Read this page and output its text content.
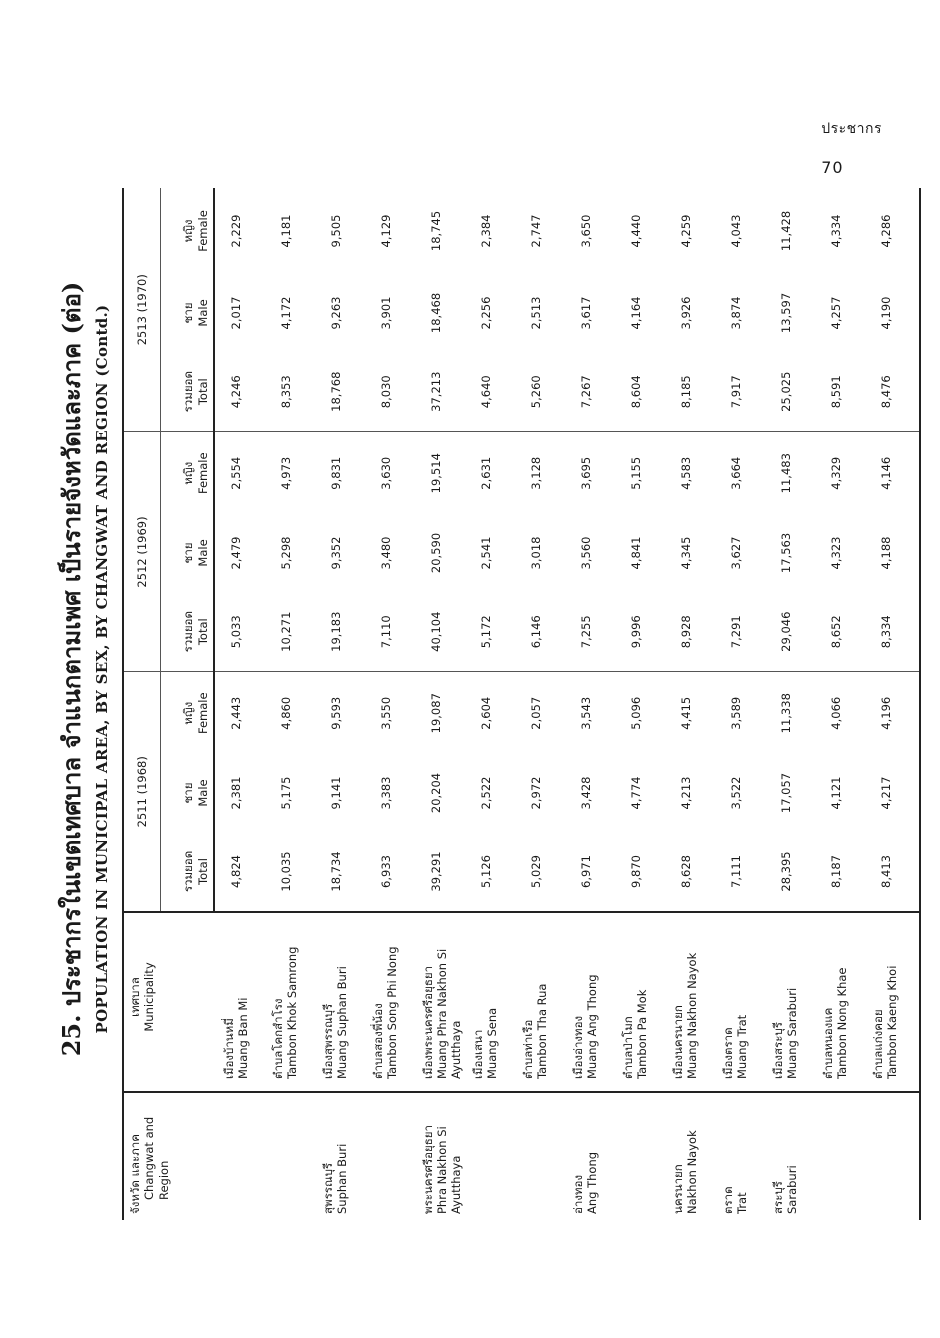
ประชากร
70
25. ประชากรในเขตเทศบาล จำแนกตามเพศ เป็นรายจังหวัดและภาค (ต่อ) POPULATION IN MUNICIPAL AREA, BY SEX, BY CHANGWAT AND REGION (Contd.)
จังหวัด และภาค Changwat and Region	เทศบาล Municipality	2511 (1968)			2512 (1969)			2513 (1970)		

		รวมยอด Total	ชาย Male	หญิง Female	รวมยอด Total	ชาย Male	หญิง Female	รวมยอด Total	ชาย Male	หญิง Female

	เมืองบ้านหมี่ Muang Ban Mi	4,824	2,381	2,443	5,033	2,479	2,554	4,246	2,017	2,229

	ตำบลโคกสำโรง Tambon Khok Samrong	10,035	5,175	4,860	10,271	5,298	4,973	8,353	4,172	4,181

สุพรรณบุรี Suphan Buri	เมืองสุพรรณบุรี Muang Suphan Buri	18,734	9,141	9,593	19,183	9,352	9,831	18,768	9,263	9,505

	ตำบลสองพี่น้อง Tambon Song Phi Nong	6,933	3,383	3,550	7,110	3,480	3,630	8,030	3,901	4,129

พระนครศรีอยุธยา Phra Nakhon Si Ayutthaya	เมืองพระนครศรีอยุธยา Muang Phra Nakhon Si Ayutthaya	39,291	20,204	19,087	40,104	20,590	19,514	37,213	18,468	18,745

	เมืองเสนา Muang Sena	5,126	2,522	2,604	5,172	2,541	2,631	4,640	2,256	2,384

	ตำบลท่าเรือ Tambon Tha Rua	5,029	2,972	2,057	6,146	3,018	3,128	5,260	2,513	2,747

อ่างทอง Ang Thong	เมืองอ่างทอง Muang Ang Thong	6,971	3,428	3,543	7,255	3,560	3,695	7,267	3,617	3,650

	ตำบลป่าโมก Tambon Pa Mok	9,870	4,774	5,096	9,996	4,841	5,155	8,604	4,164	4,440

นครนายก Nakhon Nayok	เมืองนครนายก Muang Nakhon Nayok	8,628	4,213	4,415	8,928	4,345	4,583	8,185	3,926	4,259

ตราด Trat	เมืองตราด Muang Trat	7,111	3,522	3,589	7,291	3,627	3,664	7,917	3,874	4,043

สระบุรี Saraburi	เมืองสระบุรี Muang Saraburi	28,395	17,057	11,338	29,046	17,563	11,483	25,025	13,597	11,428

	ตำบลหนองแค Tambon Nong Khae	8,187	4,121	4,066	8,652	4,323	4,329	8,591	4,257	4,334

	ตำบลแก่งคอย Tambon Kaeng Khoi	8,413	4,217	4,196	8,334	4,188	4,146	8,476	4,190	4,286
